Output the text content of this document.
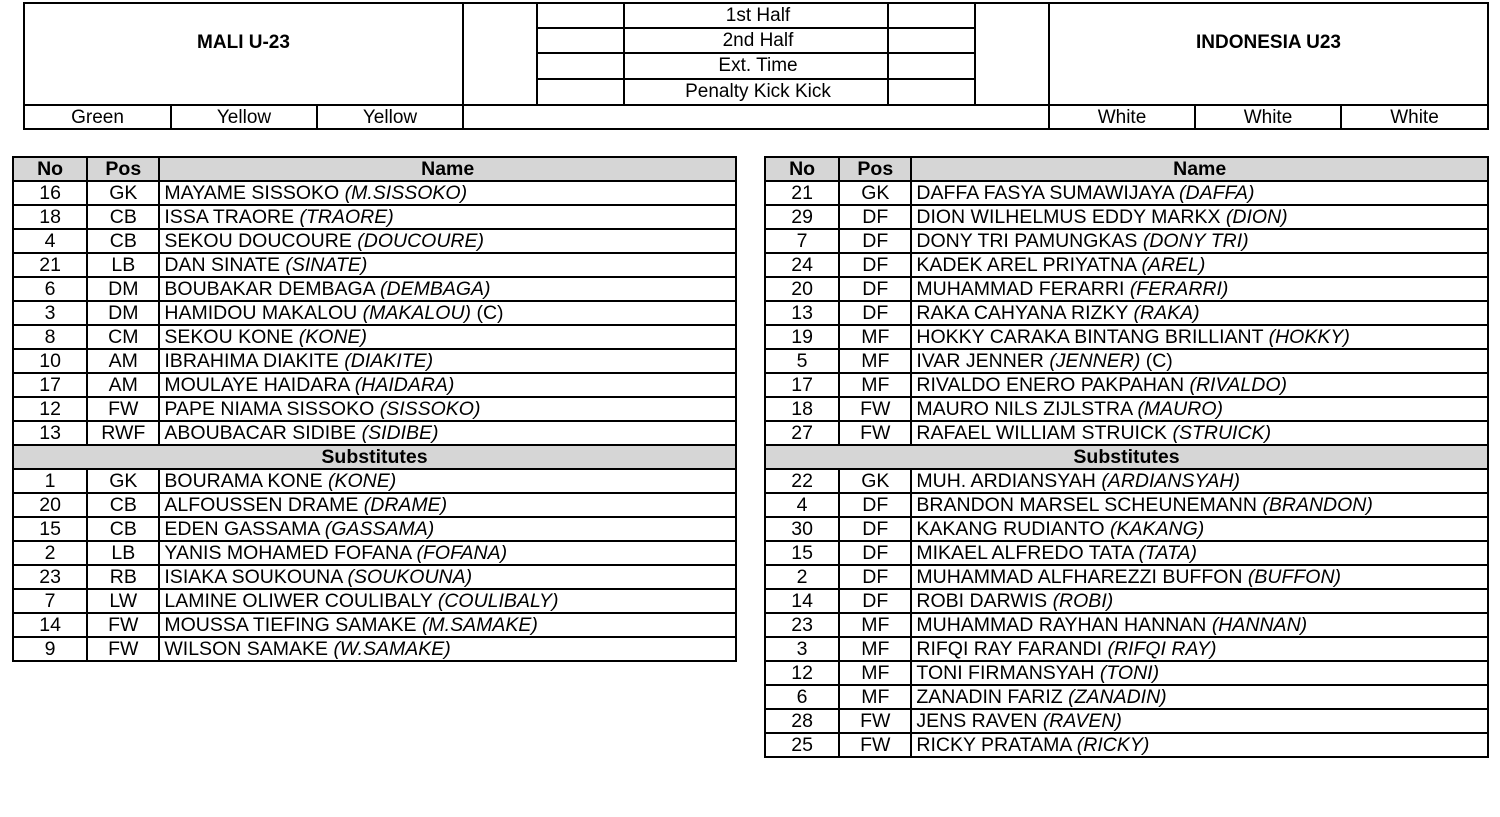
MALI U-23	INDONESIA U23
1st Half
2nd Half
Ext. Time
Penalty Kick Kick
Green	Yellow	Yellow	White	White	White
No	Pos	Name
16	GK	MAYAME SISSOKO (M.SISSOKO)
18	CB	ISSA TRAORE (TRAORE)
4	CB	SEKOU DOUCOURE (DOUCOURE)
21	LB	DAN SINATE (SINATE)
6	DM	BOUBAKAR DEMBAGA (DEMBAGA)
3	DM	HAMIDOU MAKALOU (MAKALOU) (C)
8	CM	SEKOU KONE (KONE)
10	AM	IBRAHIMA DIAKITE (DIAKITE)
17	AM	MOULAYE HAIDARA (HAIDARA)
12	FW	PAPE NIAMA SISSOKO (SISSOKO)
13	RWF	ABOUBACAR SIDIBE (SIDIBE)
Substitutes		
1	GK	BOURAMA KONE (KONE)
20	CB	ALFOUSSEN DRAME (DRAME)
15	CB	EDEN GASSAMA (GASSAMA)
2	LB	YANIS MOHAMED FOFANA (FOFANA)
23	RB	ISIAKA SOUKOUNA (SOUKOUNA)
7	LW	LAMINE OLIWER COULIBALY (COULIBALY)
14	FW	MOUSSA TIEFING SAMAKE (M.SAMAKE)
9	FW	WILSON SAMAKE (W.SAMAKE)
No	Pos	Name
21	GK	DAFFA FASYA SUMAWIJAYA (DAFFA)
29	DF	DION WILHELMUS EDDY MARKX (DION)
7	DF	DONY TRI PAMUNGKAS (DONY TRI)
24	DF	KADEK AREL PRIYATNA (AREL)
20	DF	MUHAMMAD FERARRI (FERARRI)
13	DF	RAKA CAHYANA RIZKY (RAKA)
19	MF	HOKKY CARAKA BINTANG BRILLIANT (HOKKY)
5	MF	IVAR JENNER (JENNER) (C)
17	MF	RIVALDO ENERO PAKPAHAN (RIVALDO)
18	FW	MAURO NILS ZIJLSTRA (MAURO)
27	FW	RAFAEL WILLIAM STRUICK (STRUICK)
Substitutes		
22	GK	MUH. ARDIANSYAH (ARDIANSYAH)
4	DF	BRANDON MARSEL SCHEUNEMANN (BRANDON)
30	DF	KAKANG RUDIANTO (KAKANG)
15	DF	MIKAEL ALFREDO TATA (TATA)
2	DF	MUHAMMAD ALFHAREZZI BUFFON (BUFFON)
14	DF	ROBI DARWIS (ROBI)
23	MF	MUHAMMAD RAYHAN HANNAN (HANNAN)
3	MF	RIFQI RAY FARANDI (RIFQI RAY)
12	MF	TONI FIRMANSYAH (TONI)
6	MF	ZANADIN FARIZ (ZANADIN)
28	FW	JENS RAVEN (RAVEN)
25	FW	RICKY PRATAMA (RICKY)
